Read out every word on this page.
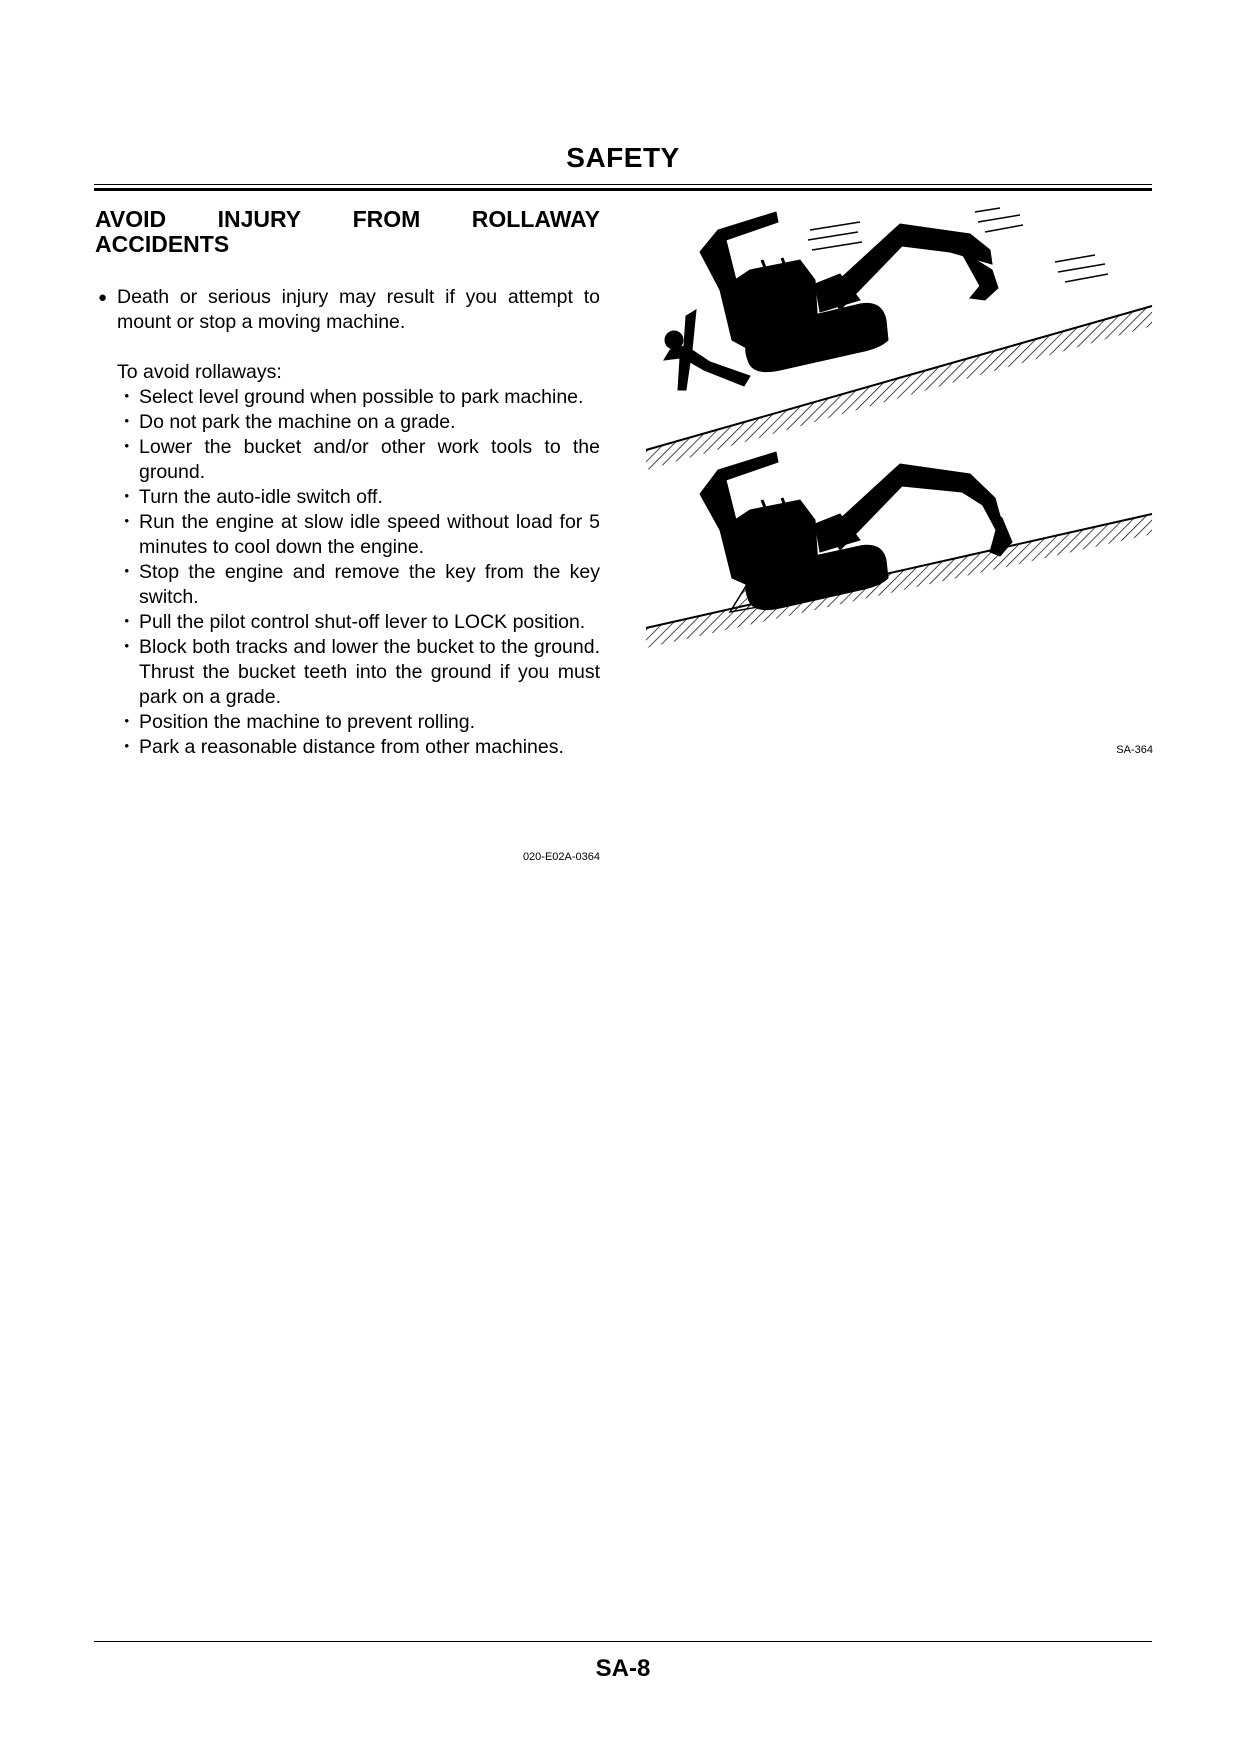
SAFETY
AVOID INJURY FROM ROLLAWAY
ACCIDENTS
● Death or serious injury may result if you attempt to mount or stop a moving machine.
To avoid rollaways:
・ Select level ground when possible to park machine.
・ Do not park the machine on a grade.
・ Lower the bucket and/or other work tools to the ground.
・ Turn the auto-idle switch off.
・ Run the engine at slow idle speed without load for 5 minutes to cool down the engine.
・ Stop the engine and remove the key from the key switch.
・ Pull the pilot control shut-off lever to LOCK position.
・ Block both tracks and lower the bucket to the ground. Thrust the bucket teeth into the ground if you must park on a grade.
・ Position the machine to prevent rolling.
・ Park a reasonable distance from other machines.
020-E02A-0364
SA-364
SA-8
